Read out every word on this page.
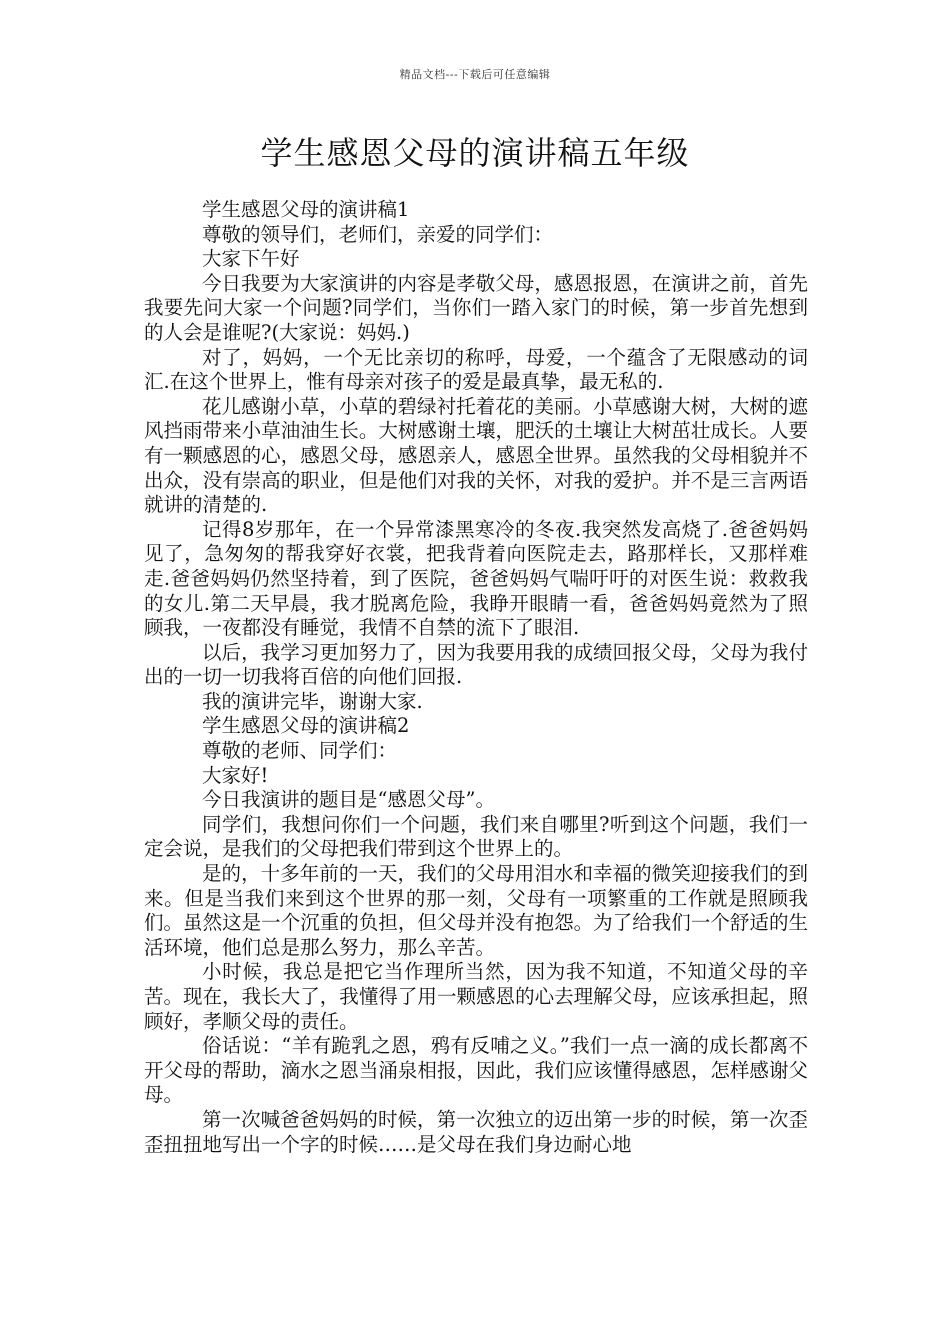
精品文档---下载后可任意编辑
学生感恩父母的演讲稿五年级

学生感恩父母的演讲稿1

尊敬的领导们，老师们，亲爱的同学们：

大家下午好

今日我要为大家演讲的内容是孝敬父母，感恩报恩，在演讲之前，首先我要先问大家一个问题?同学们，当你们一踏入家门的时候，第一步首先想到的人会是谁呢?(大家说：妈妈.)

对了，妈妈，一个无比亲切的称呼，母爱，一个蕴含了无限感动的词汇.在这个世界上，惟有母亲对孩子的爱是最真挚，最无私的.

花儿感谢小草，小草的碧绿衬托着花的美丽。小草感谢大树，大树的遮风挡雨带来小草油油生长。大树感谢土壤，肥沃的土壤让大树茁壮成长。人要有一颗感恩的心，感恩父母，感恩亲人，感恩全世界。虽然我的父母相貌并不出众，没有崇高的职业，但是他们对我的关怀，对我的爱护。并不是三言两语就讲的清楚的.

记得8岁那年，在一个异常漆黑寒冷的冬夜.我突然发高烧了.爸爸妈妈见了，急匆匆的帮我穿好衣裳，把我背着向医院走去，路那样长，又那样难走.爸爸妈妈仍然坚持着，到了医院，爸爸妈妈气喘吁吁的对医生说：救救我的女儿.第二天早晨，我才脱离危险，我睁开眼睛一看，爸爸妈妈竟然为了照顾我，一夜都没有睡觉，我情不自禁的流下了眼泪.

以后，我学习更加努力了，因为我要用我的成绩回报父母，父母为我付出的一切一切我将百倍的向他们回报.

我的演讲完毕，谢谢大家.

学生感恩父母的演讲稿2

尊敬的老师、同学们：

大家好!

今日我演讲的题目是“感恩父母”。

同学们，我想问你们一个问题，我们来自哪里?听到这个问题，我们一定会说，是我们的父母把我们带到这个世界上的。

是的，十多年前的一天，我们的父母用泪水和幸福的微笑迎接我们的到来。但是当我们来到这个世界的那一刻，父母有一项繁重的工作就是照顾我们。虽然这是一个沉重的负担，但父母并没有抱怨。为了给我们一个舒适的生活环境，他们总是那么努力，那么辛苦。

小时候，我总是把它当作理所当然，因为我不知道，不知道父母的辛苦。现在，我长大了，我懂得了用一颗感恩的心去理解父母，应该承担起，照顾好，孝顺父母的责任。

俗话说：“羊有跪乳之恩，鸦有反哺之义。”我们一点一滴的成长都离不开父母的帮助，滴水之恩当涌泉相报，因此，我们应该懂得感恩，怎样感谢父母。

第一次喊爸爸妈妈的时候，第一次独立的迈出第一步的时候，第一次歪歪扭扭地写出一个字的时候……是父母在我们身边耐心地
